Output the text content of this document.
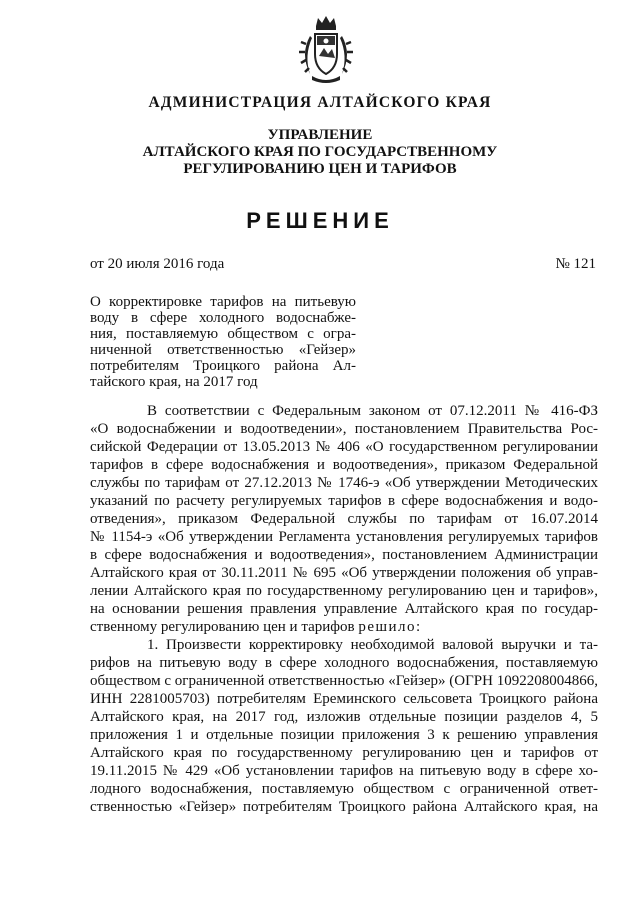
АДМИНИСТРАЦИЯ АЛТАЙСКОГО КРАЯ
УПРАВЛЕНИЕ
АЛТАЙСКОГО КРАЯ ПО ГОСУДАРСТВЕННОМУ
РЕГУЛИРОВАНИЮ ЦЕН И ТАРИФОВ
РЕШЕНИЕ
от 20 июля 2016 года	№ 121
О корректировке тарифов на питьевую
воду в сфере холодного водоснабже-
ния, поставляемую обществом с огра-
ниченной ответственностью «Гейзер»
потребителям Троицкого района Ал-
тайского края, на 2017 год
В соответствии с Федеральным законом от 07.12.2011 № 416-ФЗ
«О водоснабжении и водоотведении», постановлением Правительства Рос-
сийской Федерации от 13.05.2013 № 406 «О государственном регулировании
тарифов в сфере водоснабжения и водоотведения», приказом Федеральной
службы по тарифам от 27.12.2013 № 1746-э «Об утверждении Методических
указаний по расчету регулируемых тарифов в сфере водоснабжения и водо-
отведения», приказом Федеральной службы по тарифам от 16.07.2014
№ 1154-э «Об утверждении Регламента установления регулируемых тарифов
в сфере водоснабжения и водоотведения», постановлением Администрации
Алтайского края от 30.11.2011 № 695 «Об утверждении положения об управ-
лении Алтайского края по государственному регулированию цен и тарифов»,
на основании решения правления управление Алтайского края по государ-
ственному регулированию цен и тарифов решило:
1. Произвести корректировку необходимой валовой выручки и та-
рифов на питьевую воду в сфере холодного водоснабжения, поставляемую
обществом с ограниченной ответственностью «Гейзер» (ОГРН 1092208004866,
ИНН 2281005703) потребителям Ереминского сельсовета Троицкого района
Алтайского края, на 2017 год, изложив отдельные позиции разделов 4, 5
приложения 1 и отдельные позиции приложения 3 к решению управления
Алтайского края по государственному регулированию цен и тарифов от
19.11.2015 № 429 «Об установлении тарифов на питьевую воду в сфере хо-
лодного водоснабжения, поставляемую обществом с ограниченной ответ-
ственностью «Гейзер» потребителям Троицкого района Алтайского края, на
